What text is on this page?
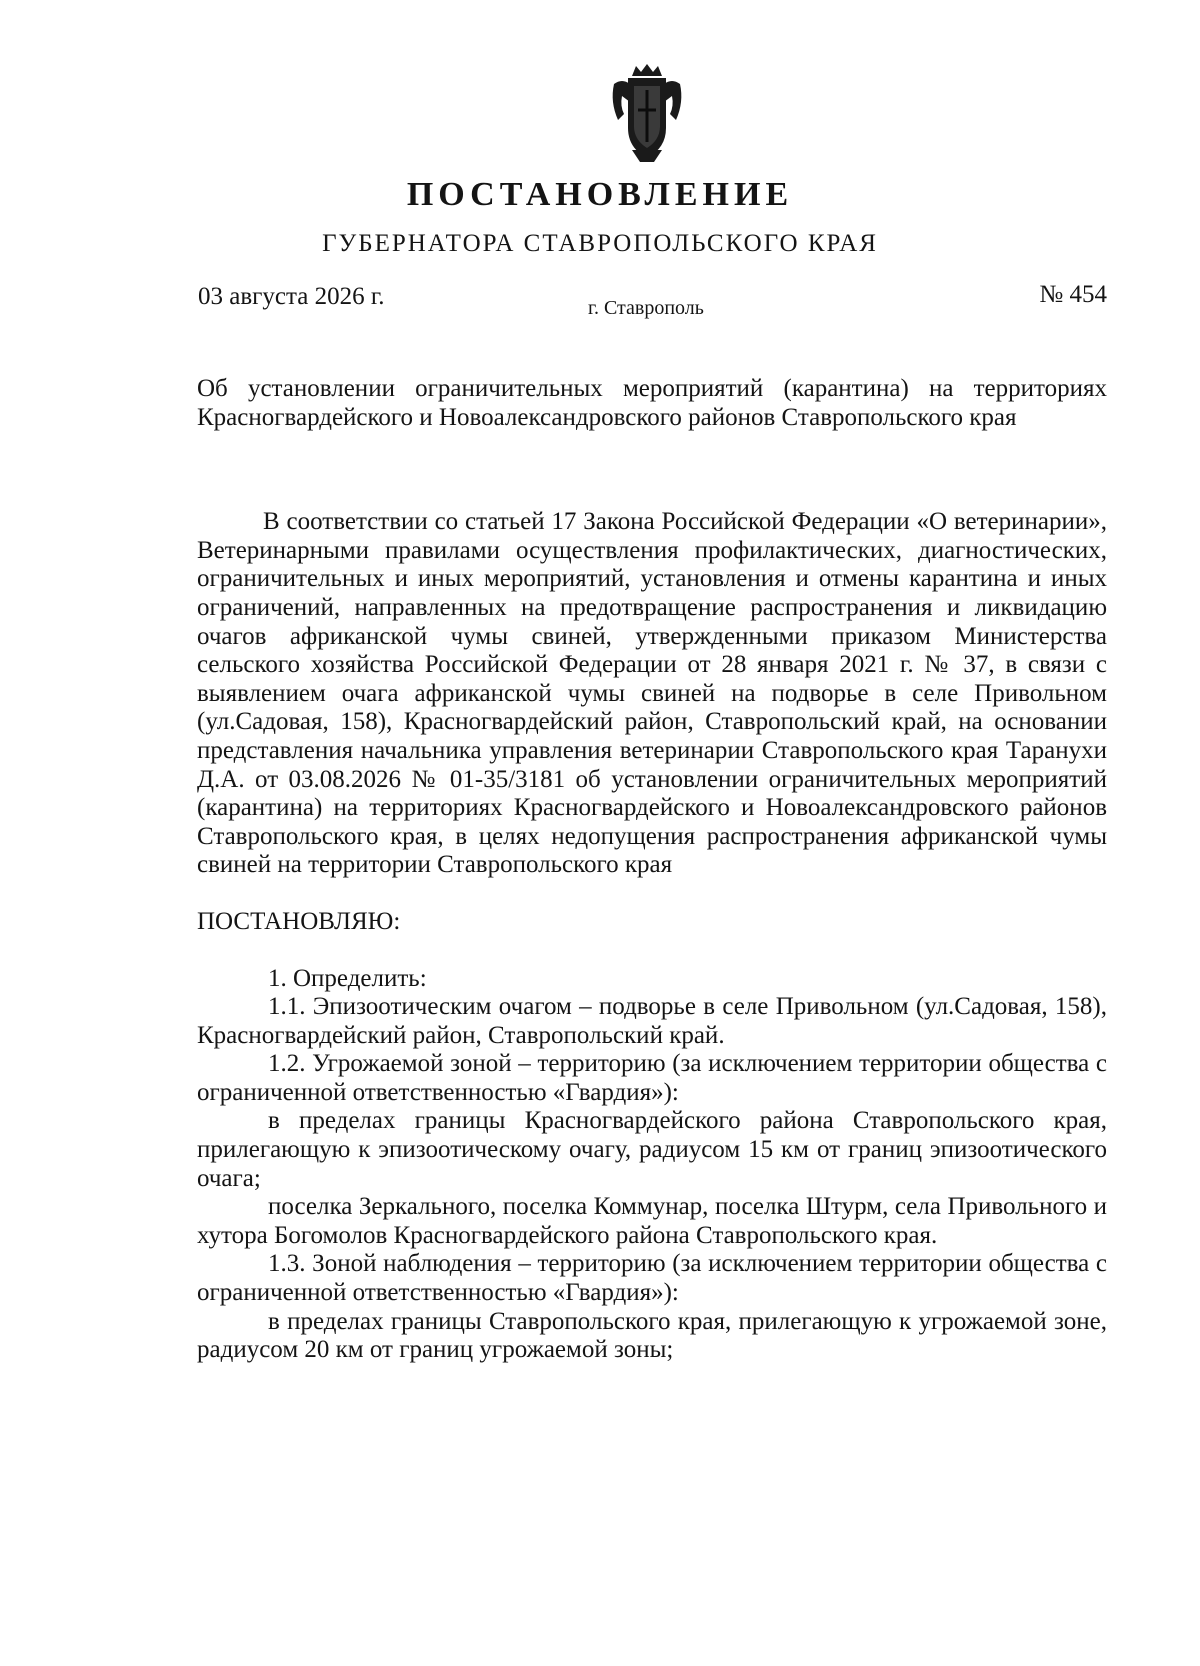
ПОСТАНОВЛЕНИЕ
ГУБЕРНАТОРА СТАВРОПОЛЬСКОГО КРАЯ
03 августа 2026 г.	г. Ставрополь	№ 454

Об установлении ограничительных мероприятий (карантина) на территориях Красногвардейского и Новоалександровского районов Ставропольского края

В соответствии со статьей 17 Закона Российской Федерации «О ветеринарии», Ветеринарными правилами осуществления профилактических, диагностических, ограничительных и иных мероприятий, установления и отмены карантина и иных ограничений, направленных на предотвращение распространения и ликвидацию очагов африканской чумы свиней, утвержденными приказом Министерства сельского хозяйства Российской Федерации от 28 января 2021 г. № 37, в связи с выявлением очага африканской чумы свиней на подворье в селе Привольном (ул.Садовая, 158), Красногвардейский район, Ставропольский край, на основании представления начальника управления ветеринарии Ставропольского края Таранухи Д.А. от 03.08.2026 № 01-35/3181 об установлении ограничительных мероприятий (карантина) на территориях Красногвардейского и Новоалександровского районов Ставропольского края, в целях недопущения распространения африканской чумы свиней на территории Ставропольского края

ПОСТАНОВЛЯЮ:

1. Определить:

1.1. Эпизоотическим очагом – подворье в селе Привольном (ул.Садовая, 158), Красногвардейский район, Ставропольский край.

1.2. Угрожаемой зоной – территорию (за исключением территории общества с ограниченной ответственностью «Гвардия»):

в пределах границы Красногвардейского района Ставропольского края, прилегающую к эпизоотическому очагу, радиусом 15 км от границ эпизоотического очага;

поселка Зеркального, поселка Коммунар, поселка Штурм, села Привольного и хутора Богомолов Красногвардейского района Ставропольского края.

1.3. Зоной наблюдения – территорию (за исключением территории общества с ограниченной ответственностью «Гвардия»):

в пределах границы Ставропольского края, прилегающую к угрожаемой зоне, радиусом 20 км от границ угрожаемой зоны;
